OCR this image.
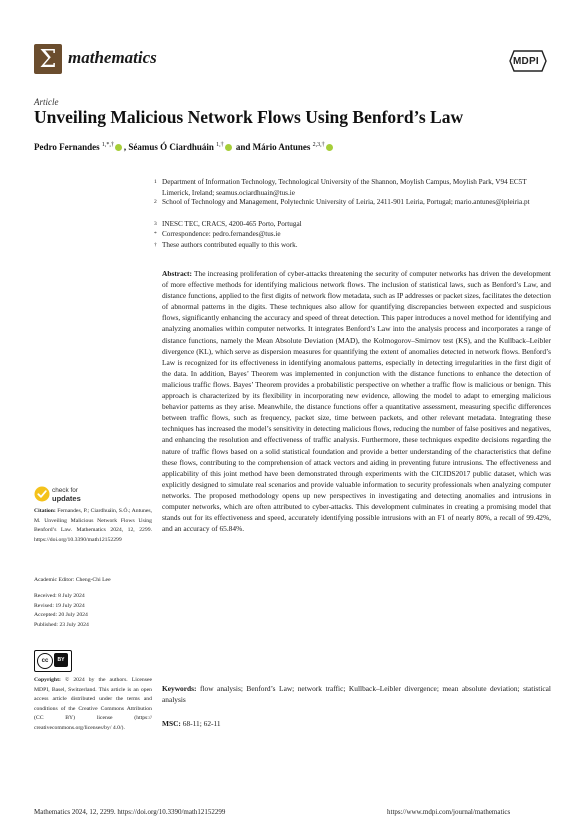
Σ mathematics	MDPI
Article
Unveiling Malicious Network Flows Using Benford’s Law
Pedro Fernandes $^{1,*,\dagger}$ , Séamus Ó Ciardhuáin $^{1,\dagger}$ and Mário Antunes $^{2,3,\dagger}$
1 Department of Information Technology, Technological University of the Shannon, Moylish Campus, Moylish Park, V94 EC5T Limerick, Ireland; seamus.ociardhuain@tus.ie
2 School of Technology and Management, Polytechnic University of Leiria, 2411-901 Leiria, Portugal; mario.antunes@ipleiria.pt
3 INESC TEC, CRACS, 4200-465 Porto, Portugal
* Correspondence: pedro.fernandes@tus.ie
† These authors contributed equally to this work.
Abstract: The increasing proliferation of cyber-attacks threatening the security of computer networks has driven the development of more effective methods for identifying malicious network flows. The inclusion of statistical laws, such as Benford’s Law, and distance functions, applied to the first digits of network flow metadata, such as IP addresses or packet sizes, facilitates the detection of abnormal patterns in the digits. These techniques also allow for quantifying discrepancies between expected and suspicious flows, significantly enhancing the accuracy and speed of threat detection. This paper introduces a novel method for identifying and analyzing anomalies within computer networks. It integrates Benford’s Law into the analysis process and incorporates a range of distance functions, namely the Mean Absolute Deviation (MAD), the Kolmogorov–Smirnov test (KS), and the Kullback–Leibler divergence (KL), which serve as dispersion measures for quantifying the extent of anomalies detected in network flows. Benford’s Law is recognized for its effectiveness in identifying anomalous patterns, especially in detecting irregularities in the first digit of the data. In addition, Bayes’ Theorem was implemented in conjunction with the distance functions to enhance the detection of malicious traffic flows. Bayes’ Theorem provides a probabilistic perspective on whether a traffic flow is malicious or benign. This approach is characterized by its flexibility in incorporating new evidence, allowing the model to adapt to emerging malicious behavior patterns as they arise. Meanwhile, the distance functions offer a quantitative assessment, measuring specific differences between traffic flows, such as frequency, packet size, time between packets, and other relevant metadata. Integrating these techniques has increased the model’s sensitivity in detecting malicious flows, reducing the number of false positives and negatives, and enhancing the resolution and effectiveness of traffic analysis. Furthermore, these techniques expedite decisions regarding the nature of traffic flows based on a solid statistical foundation and provide a better understanding of the characteristics that define these flows, contributing to the comprehension of attack vectors and aiding in preventing future intrusions. The effectiveness and applicability of this joint method have been demonstrated through experiments with the CICIDS2017 public dataset, which was explicitly designed to simulate real scenarios and provide valuable information to security professionals when analyzing computer networks. The proposed methodology opens up new perspectives in investigating and detecting anomalies and intrusions in computer networks, which are often attributed to cyber-attacks. This development culminates in creating a promising model that stands out for its effectiveness and speed, accurately identifying possible intrusions with an F1 of nearly 80%, a recall of 99.42%, and an accuracy of 65.84%.
Keywords: flow analysis; Benford’s Law; network traffic; Kullback–Leibler divergence; mean absolute deviation; statistical analysis
MSC: 68-11; 62-11
check for
updates
Citation: Fernandes, P.; Ciardhuáin, S.Ó.; Antunes, M. Unveiling Malicious Network Flows Using Benford’s Law. Mathematics 2024, 12, 2299. https://doi.org/10.3390/math12152299
Academic Editor: Cheng-Chi Lee
Received: 8 July 2024
Revised: 19 July 2024
Accepted: 20 July 2024
Published: 23 July 2024
cc	BY
Copyright: © 2024 by the authors. Licensee MDPI, Basel, Switzerland. This article is an open access article distributed under the terms and conditions of the Creative Commons Attribution (CC BY) license (https:// creativecommons.org/licenses/by/ 4.0/).
Mathematics 2024, 12, 2299. https://doi.org/10.3390/math12152299	https://www.mdpi.com/journal/mathematics
